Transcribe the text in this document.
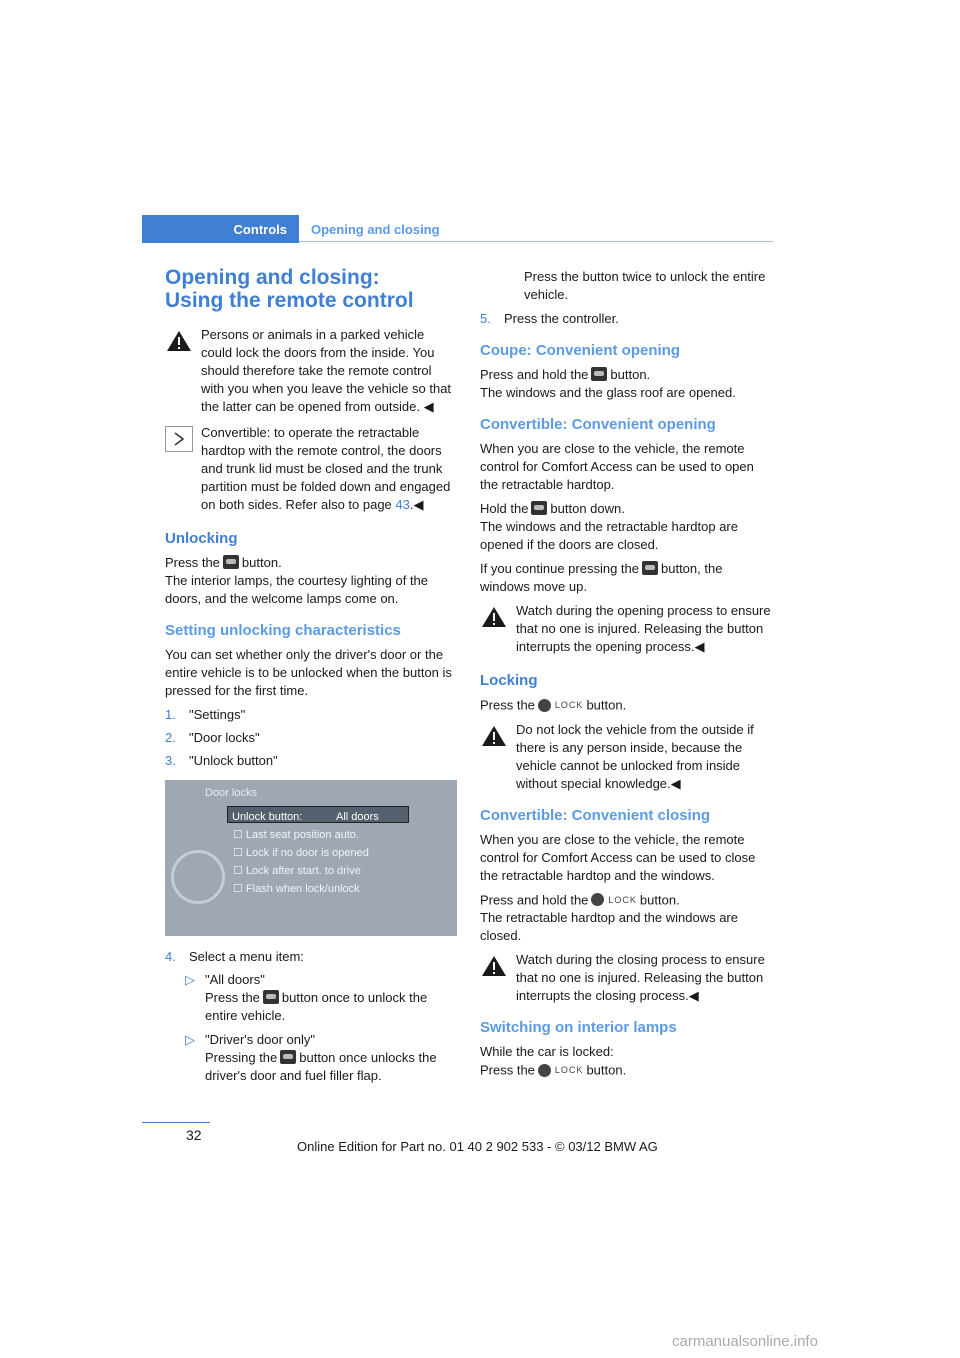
Controls Opening and closing
Opening and closing:
Using the remote control
Persons or animals in a parked vehicle could lock the doors from the inside. You should therefore take the remote control with you when you leave the vehicle so that the latter can be opened from outside. ◀
Convertible: to operate the retractable hardtop with the remote control, the doors and trunk lid must be closed and the trunk partition must be folded down and engaged on both sides. Refer also to page 43.◀
Unlocking

Press the button.
The interior lamps, the courtesy lighting of the doors, and the welcome lamps come on.

Setting unlocking characteristics

You can set whether only the driver's door or the entire vehicle is to be unlocked when the button is pressed for the first time.

1.	"Settings"
2.	"Door locks"
3.	"Unlock button"
Door locks
Unlock button:	All doors
☐ Last seat position auto.
☐ Lock if no door is opened
☐ Lock after start. to drive
☐ Flash when lock/unlock
4.	Select a menu item:
▷ "All doors"
Press the button once to unlock the entire vehicle.
▷ "Driver's door only"
Pressing the button once unlocks the driver's door and fuel filler flap.

Press the button twice to unlock the entire vehicle.

5.	Press the controller.
Coupe: Convenient opening

Press and hold the button.
The windows and the glass roof are opened.

Convertible: Convenient opening

When you are close to the vehicle, the remote control for Comfort Access can be used to open the retractable hardtop.

Hold the button down.
The windows and the retractable hardtop are opened if the doors are closed.

If you continue pressing the button, the windows move up.

Watch during the opening process to ensure that no one is injured. Releasing the button interrupts the opening process.◀
Locking

Press the LOCK button.

Do not lock the vehicle from the outside if there is any person inside, because the vehicle cannot be unlocked from inside without special knowledge.◀
Convertible: Convenient closing

When you are close to the vehicle, the remote control for Comfort Access can be used to close the retractable hardtop and the windows.

Press and hold the LOCK button.
The retractable hardtop and the windows are closed.

Watch during the closing process to ensure that no one is injured. Releasing the button interrupts the closing process.◀
Switching on interior lamps

While the car is locked:
Press the LOCK button.

32
Online Edition for Part no. 01 40 2 902 533 - © 03/12 BMW AG
carmanualsonline.info
